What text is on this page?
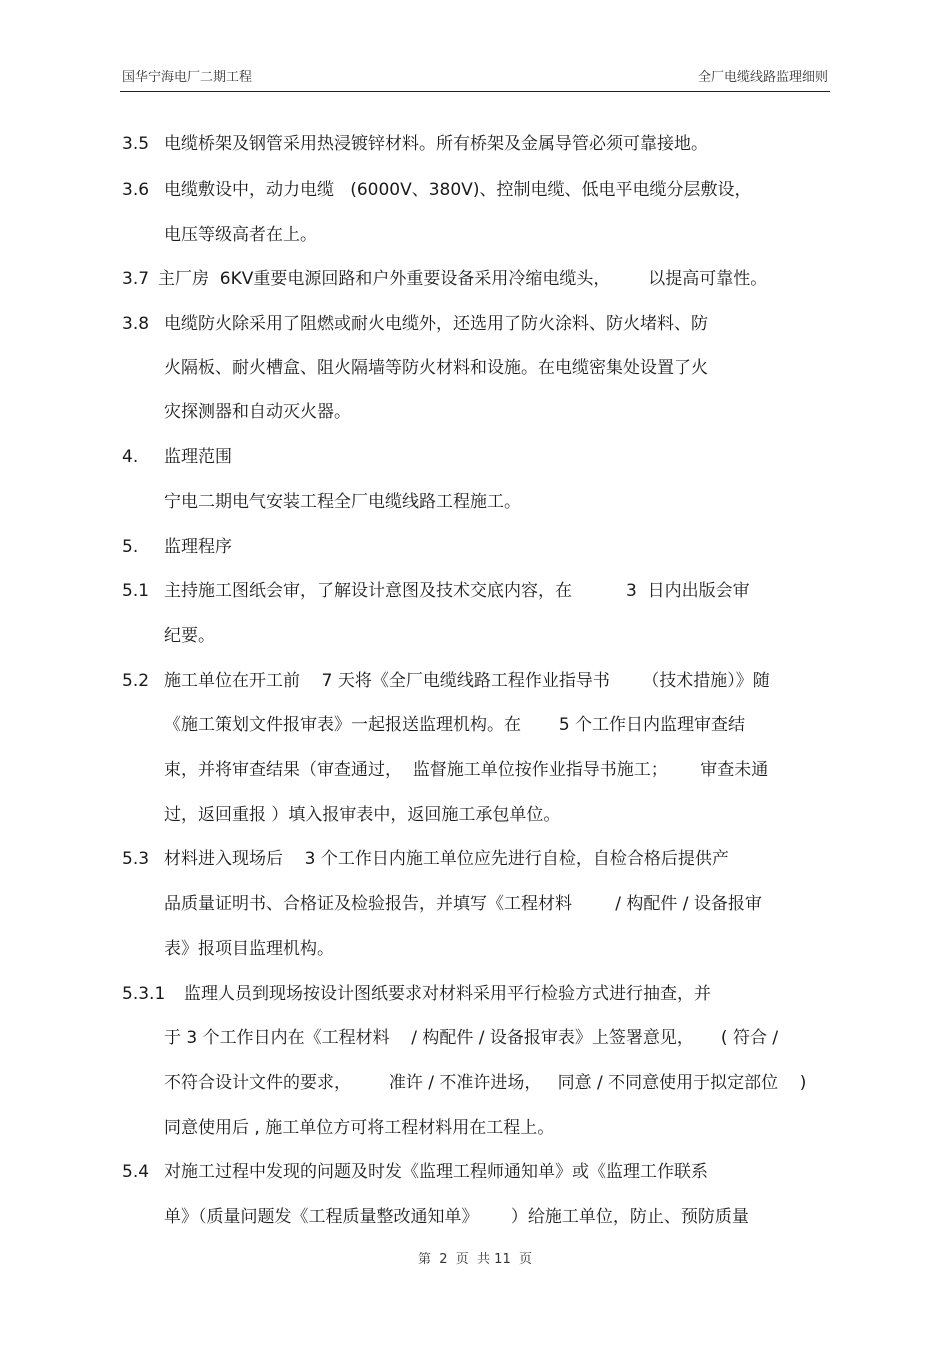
国华宁海电厂二期工程	全厂电缆线路监理细则
3.5 电缆桥架及钢管采用热浸镀锌材料。所有桥架及金属导管必须可靠接地。
3.6 电缆敷设中，动力电缆   (6000V、380V)、控制电缆、低电平电缆分层敷设，
电压等级高者在上。
3.7 主厂房  6KV重要电源回路和户外重要设备采用冷缩电缆头，       以提高可靠性。
3.8 电缆防火除采用了阻燃或耐火电缆外，还选用了防火涂料、防火堵料、防
火隔板、耐火槽盒、阻火隔墙等防火材料和设施。在电缆密集处设置了火
灾探测器和自动灭火器。
4. 监理范围
宁电二期电气安装工程全厂电缆线路工程施工。
5. 监理程序
5.1 主持施工图纸会审，了解设计意图及技术交底内容，在          3  日内出版会审
纪要。
5.2 施工单位在开工前    7 天将《全厂电缆线路工程作业指导书      （技术措施）》随
《施工策划文件报审表》一起报送监理机构。在       5 个工作日内监理审查结
束，并将审查结果（审查通过，  监督施工单位按作业指导书施工；      审查未通
过，返回重报 ）填入报审表中，返回施工承包单位。
5.3 材料进入现场后    3 个工作日内施工单位应先进行自检，自检合格后提供产
品质量证明书、合格证及检验报告，并填写《工程材料        / 构配件 / 设备报审
表》报项目监理机构。
5.3.1 监理人员到现场按设计图纸要求对材料采用平行检验方式进行抽查，并
于 3 个工作日内在《工程材料    / 构配件 / 设备报审表》上签署意见，     ( 符合 /
不符合设计文件的要求，       准许 / 不准许进场，   同意 / 不同意使用于拟定部位    )
同意使用后 , 施工单位方可将工程材料用在工程上。
5.4 对施工过程中发现的问题及时发《监理工程师通知单》或《监理工作联系
单》（质量问题发《工程质量整改通知单》      ）给施工单位，防止、预防质量
第  2  页  共 11  页
